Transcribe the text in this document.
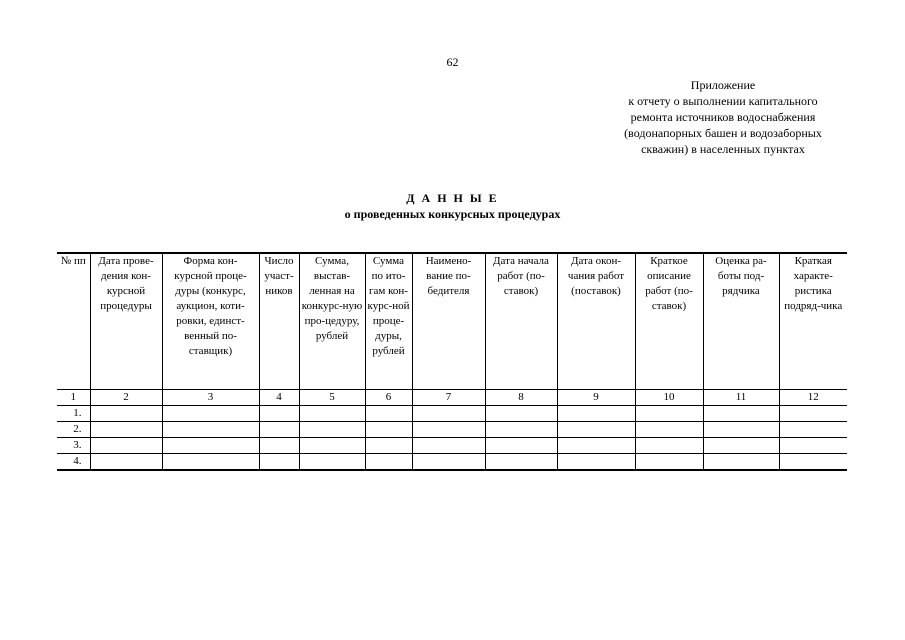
62
Приложение
к отчету о выполнении капитального
ремонта источников водоснабжения
(водонапорных башен и водозаборных
скважин) в населенных пунктах
Д А Н Н Ы Е
о проведенных конкурсных процедурах
№ пп	Дата прове-дения кон-курсной процедуры	Форма кон-курсной проце-дуры (конкурс, аукцион, коти-ровки, единст-венный по-ставщик)	Число участ-ников	Сумма, выстав-ленная на конкурс-ную про-цедуру, рублей	Сумма по ито-гам кон-курс-ной проце-дуры, рублей	Наимено-вание по-бедителя	Дата начала работ (по-ставок)	Дата окон-чания работ (поставок)	Краткое описание работ (по-ставок)	Оценка ра-боты под-рядчика	Краткая характе-ристика подряд-чика
1	2	3	4	5	6	7	8	9	10	11	12
1.											
2.											
3.											
4.											
